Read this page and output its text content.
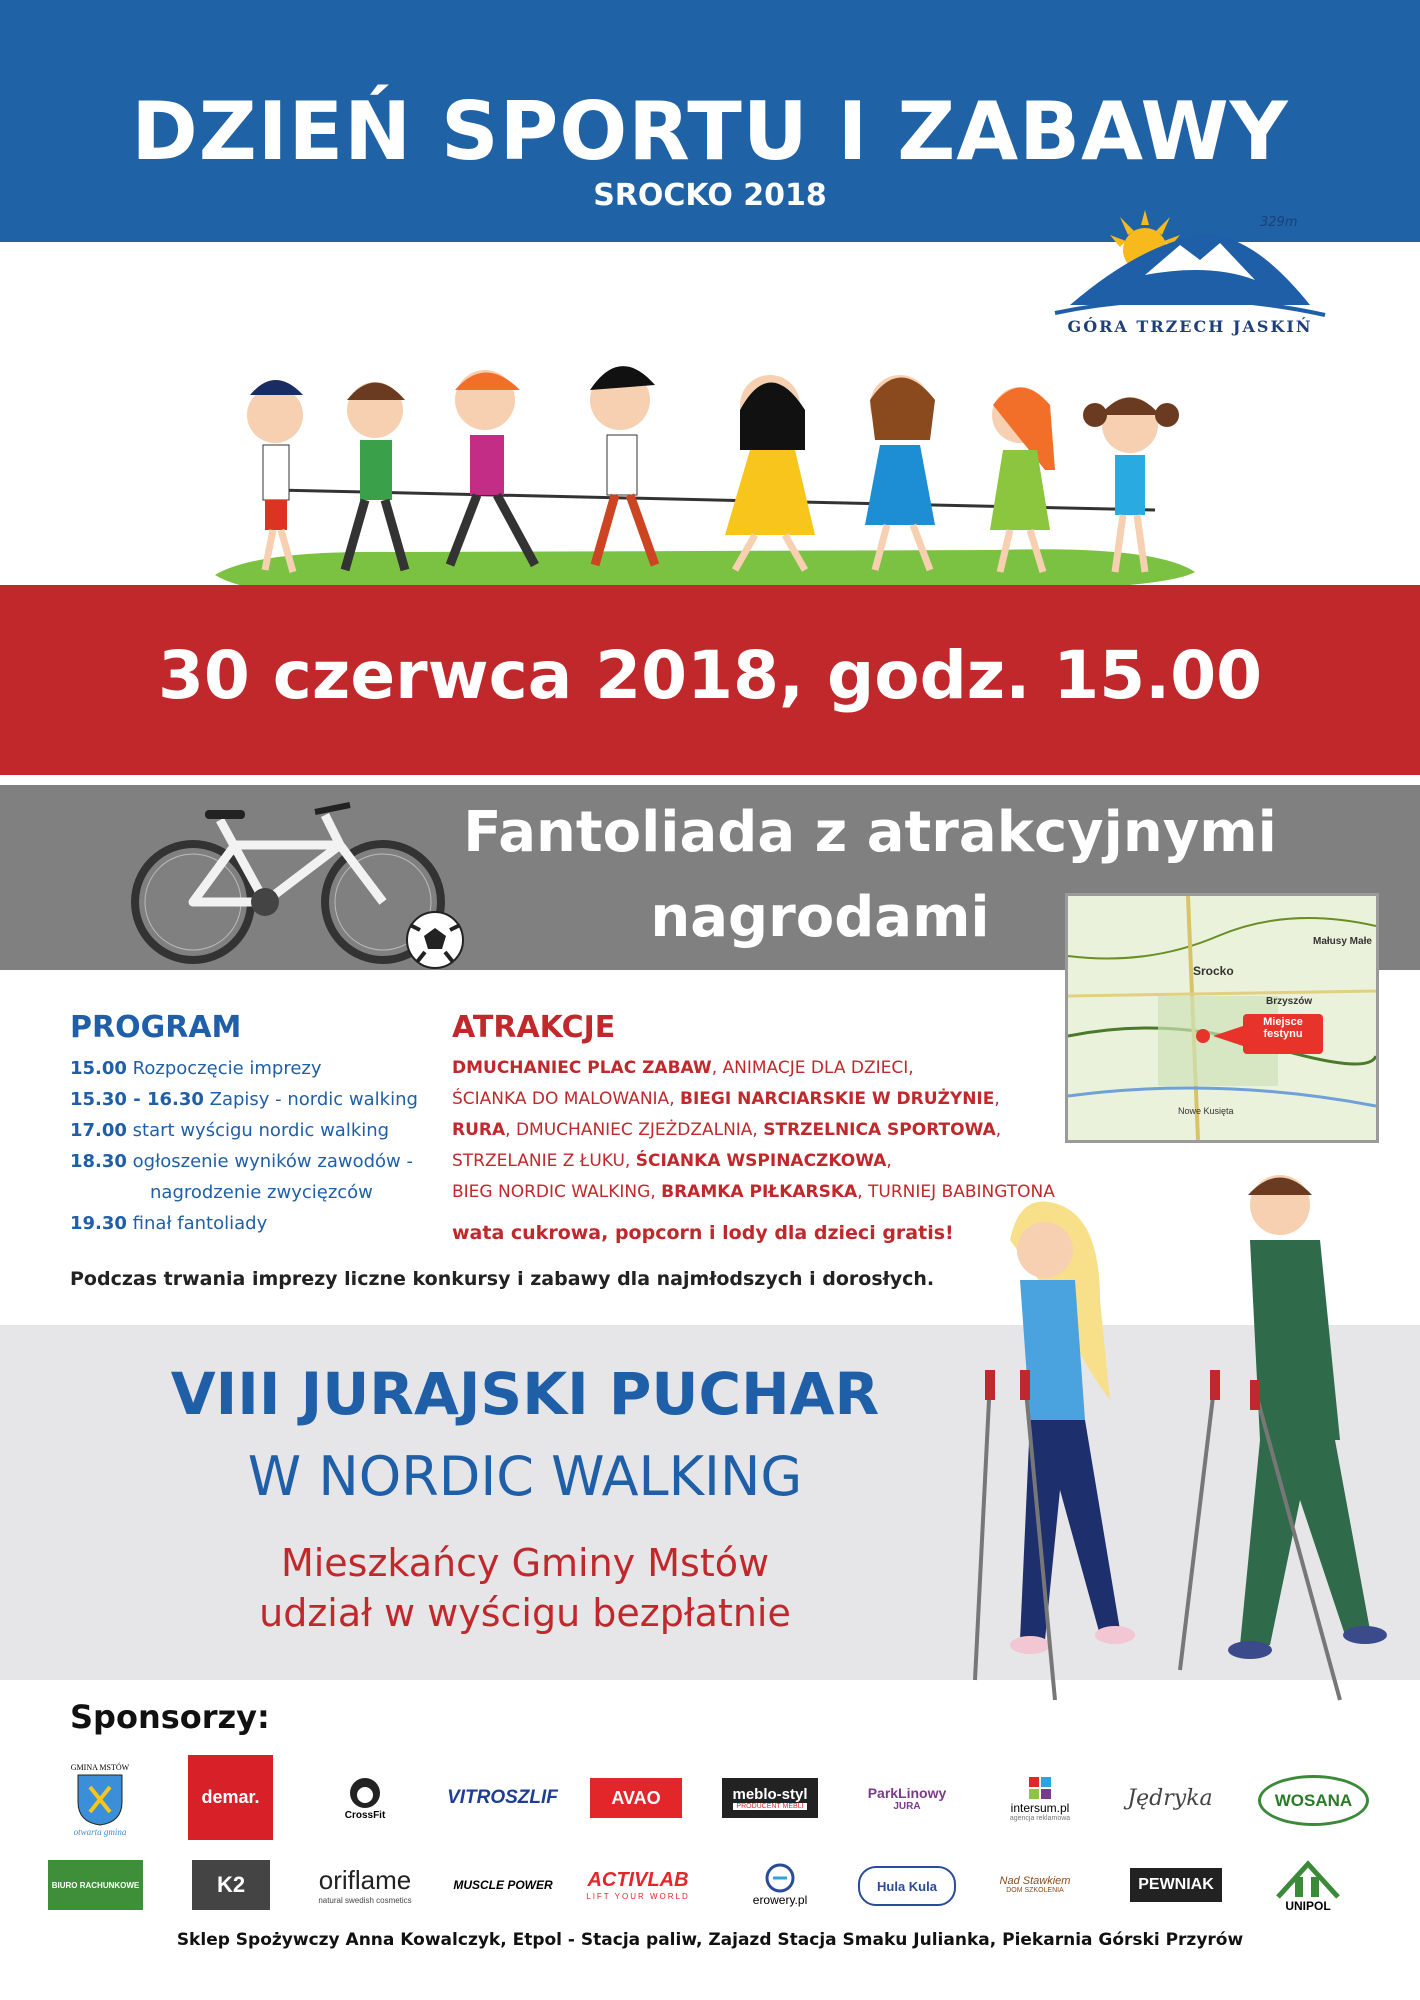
DZIEŃ SPORTU I ZABAWY
SROCKO 2018
329m
GÓRA TRZECH JASKIŃ
30 czerwca 2018, godz. 15.00
Fantoliada z atrakcyjnymi
nagrodami
Srocko
Małusy Małe
Brzyszów
Nowe Kusięta
Miejsce festynu
PROGRAM
15.00 Rozpoczęcie imprezy
15.30 - 16.30 Zapisy - nordic walking
17.00 start wyścigu nordic walking
18.30 ogłoszenie wyników zawodów -
nagrodzenie zwycięzców
19.30 finał fantoliady
ATRAKCJE
DMUCHANIEC PLAC ZABAW, ANIMACJE DLA DZIECI,
ŚCIANKA DO MALOWANIA, BIEGI NARCIARSKIE W DRUŻYNIE,
RURA, DMUCHANIEC ZJEŻDZALNIA, STRZELNICA SPORTOWA,
STRZELANIE Z ŁUKU, ŚCIANKA WSPINACZKOWA,
BIEG NORDIC WALKING, BRAMKA PIŁKARSKA, TURNIEJ BABINGTONA
wata cukrowa, popcorn i lody dla dzieci gratis!
Podczas trwania imprezy liczne konkursy i zabawy dla najmłodszych i dorosłych.
VIII JURAJSKI PUCHAR
W NORDIC WALKING
Mieszkańcy Gminy Mstów
udział w wyścigu bezpłatnie
Sponsorzy:
GMINA MSTÓW
otwarta gmina
demar.
CrossFit
VITROSZLIF	AVAO	meblo-styl
PRODUCENT MEBLI
ParkLinowy
JURA	intersum.pl
agencja reklamowa
Jędryka	WOSANA
BIURO RACHUNKOWE	K2	oriflame
natural swedish cosmetics
MUSCLE POWER ACTIVLAB
LIFT YOUR WORLD	erowery.pl
Hula Kula	Nad Stawkiem
DOM SZKOLENIA	PEWNIAK
UNIPOL
Sklep Spożywczy Anna Kowalczyk, Etpol - Stacja paliw, Zajazd Stacja Smaku Julianka, Piekarnia Górski Przyrów
